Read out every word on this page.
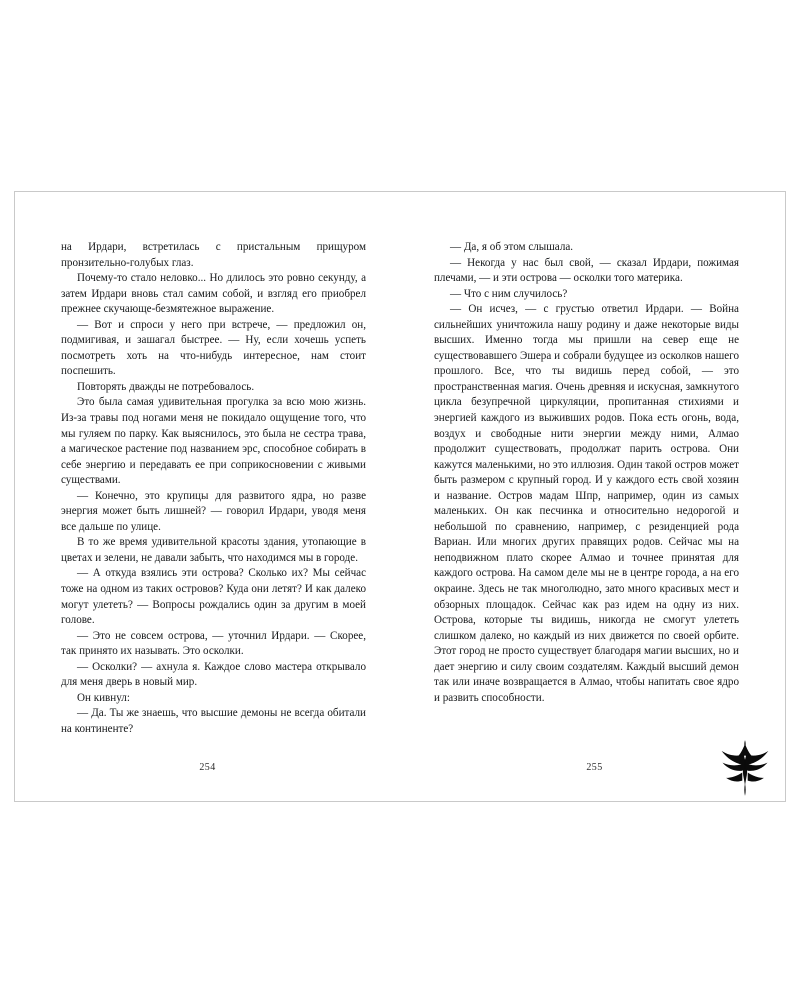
на Ирдари, встретилась с пристальным прищуром пронзительно-голубых глаз.

Почему-то стало неловко... Но длилось это ровно секунду, а затем Ирдари вновь стал самим собой, и взгляд его приобрел прежнее скучающе-безмятежное выражение.

— Вот и спроси у него при встрече, — предложил он, подмигивая, и зашагал быстрее. — Ну, если хочешь успеть посмотреть хоть на что-нибудь интересное, нам стоит поспешить.

Повторять дважды не потребовалось.

Это была самая удивительная прогулка за всю мою жизнь. Из-за травы под ногами меня не покидало ощущение того, что мы гуляем по парку. Как выяснилось, это была не сестра трава, а магическое растение под названием эрс, способное собирать в себе энергию и передавать ее при соприкосновении с живыми существами.

— Конечно, это крупицы для развитого ядра, но разве энергия может быть лишней? — говорил Ирдари, уводя меня все дальше по улице.

В то же время удивительной красоты здания, утопающие в цветах и зелени, не давали забыть, что находимся мы в городе.

— А откуда взялись эти острова? Сколько их? Мы сейчас тоже на одном из таких островов? Куда они летят? И как далеко могут улететь? — Вопросы рождались один за другим в моей голове.

— Это не совсем острова, — уточнил Ирдари. — Скорее, так принято их называть. Это осколки.

— Осколки? — ахнула я. Каждое слово мастера открывало для меня дверь в новый мир.

Он кивнул:

— Да. Ты же знаешь, что высшие демоны не всегда обитали на континенте?

254

— Да, я об этом слышала.

— Некогда у нас был свой, — сказал Ирдари, пожимая плечами, — и эти острова — осколки того материка.

— Что с ним случилось?

— Он исчез, — с грустью ответил Ирдари. — Война сильнейших уничтожила нашу родину и даже некоторые виды высших. Именно тогда мы пришли на север еще не существовавшего Эшера и собрали будущее из осколков нашего прошлого. Все, что ты видишь перед собой, — это пространственная магия. Очень древняя и искусная, замкнутого цикла безупречной циркуляции, пропитанная стихиями и энергией каждого из выживших родов. Пока есть огонь, вода, воздух и свободные нити энергии между ними, Алмао продолжит существовать, продолжат парить острова. Они кажутся маленькими, но это иллюзия. Один такой остров может быть размером с крупный город. И у каждого есть свой хозяин и название. Остров мадам Шпр, например, один из самых маленьких. Он как песчинка и относительно недорогой и небольшой по сравнению, например, с резиденцией рода Вариан. Или многих других правящих родов. Сейчас мы на неподвижном плато скорее Алмао и точнее принятая для каждого острова. На самом деле мы не в центре города, а на его окраине. Здесь не так многолюдно, зато много красивых мест и обзорных площадок. Сейчас как раз идем на одну из них. Острова, которые ты видишь, никогда не смогут улететь слишком далеко, но каждый из них движется по своей орбите. Этот город не просто существует благодаря магии высших, но и дает энергию и силу своим создателям. Каждый высший демон так или иначе возвращается в Алмао, чтобы напитать свое ядро и развить способности.

255
